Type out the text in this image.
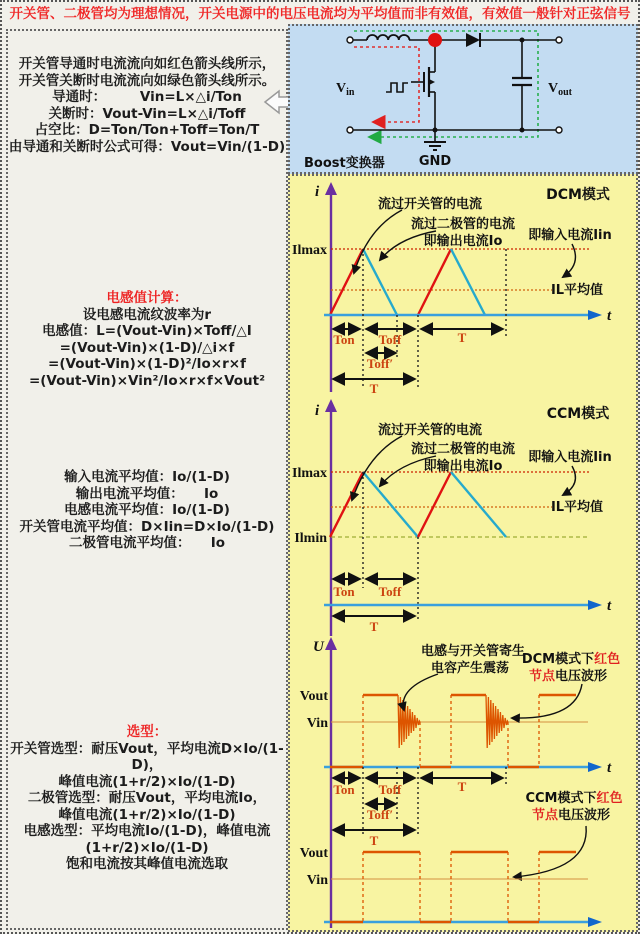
开关管、二极管均为理想情况，开关电源中的电压电流均为平均值而非有效值，有效值一般针对正弦信号
开关管导通时电流流向如红色箭头线所示，
开关管关断时电流流向如绿色箭头线所示。
导通时：　　　Vin=L×△i/Ton
关断时：Vout-Vin=L×△i/Toff
占空比：D=Ton/Ton+Toff=Ton/T
由导通和关断时公式可得：Vout=Vin/(1-D)
电感值计算：
设电感电流纹波率为r
电感值：L=(Vout-Vin)×Toff/△I
=(Vout-Vin)×(1-D)/△i×f
=(Vout-Vin)×(1-D)²/Io×r×f
=(Vout-Vin)×Vin²/Io×r×f×Vout²
输入电流平均值：Io/(1-D)
输出电流平均值：　　Io
电感电流平均值：Io/(1-D)
开关管电流平均值：D×Iin=D×Io/(1-D)
二极管电流平均值：　　Io
选型：
开关管选型：耐压Vout，平均电流D×Io/(1-D)，
峰值电流(1+r/2)×Io/(1-D)
二极管选型：耐压Vout，平均电流Io，
峰值电流(1+r/2)×Io/(1-D)
电感选型：平均电流Io/(1-D)，峰值电流
(1+r/2)×Io/(1-D)
饱和电流按其峰值电流选取
$V_{in}$	$V_{out}$
GND
Boost变换器
i	DCM模式
Ilmax
t
流过开关管的电流
流过二极管的电流
即输出电流Io 即输入电流Iin
IL平均值
Ton Toff	T
Toff′
T
i	CCM模式
Ilmax
Ilmin
流过开关管的电流
流过二极管的电流
即输出电流Io
即输入电流Iin
IL平均值
Ton Toff
t
T
U	电感与开关管寄生
电容产生震荡
DCM模式下红色
节点电压波形
Vout
Vin
t
Ton Toff	T
Toff′
T
CCM模式下红色
节点电压波形
Vout
Vin
